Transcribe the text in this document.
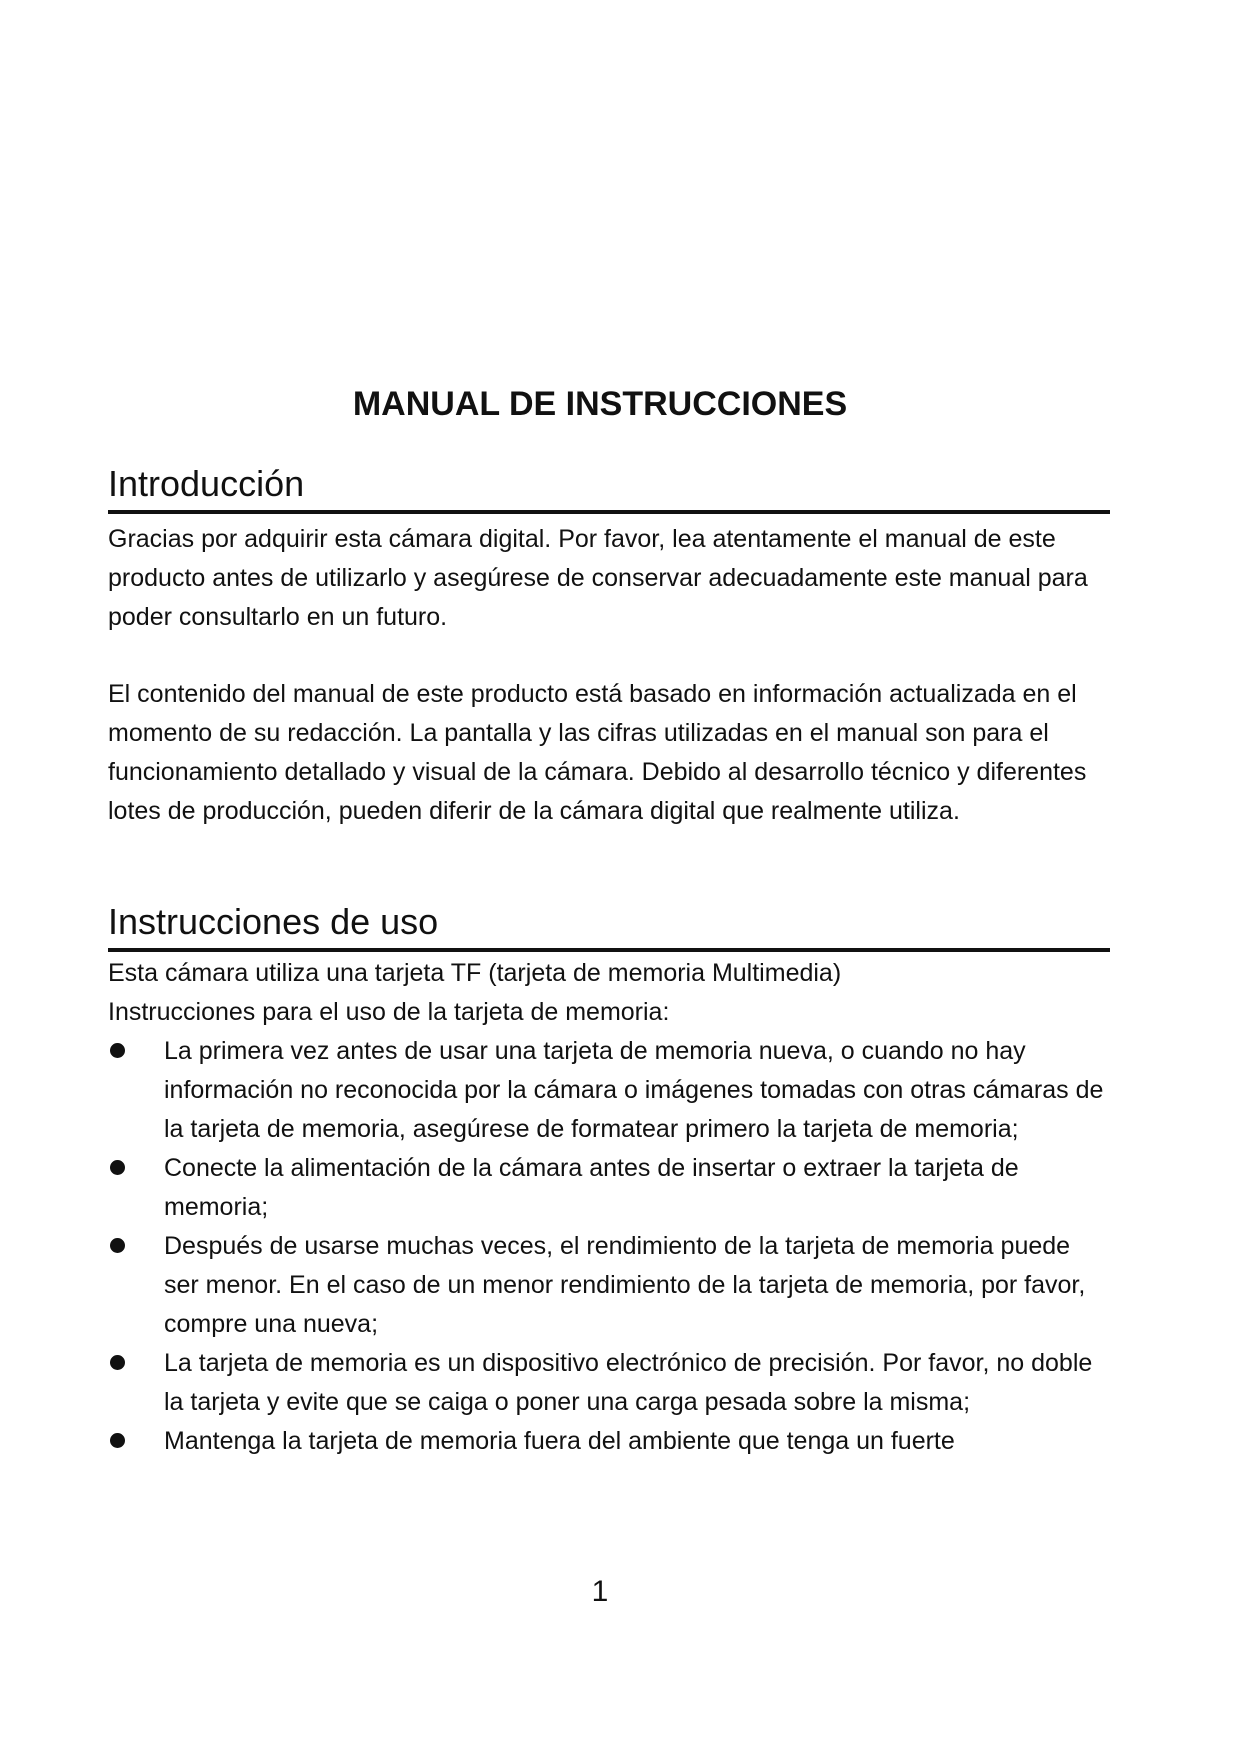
MANUAL DE INSTRUCCIONES
Introducción

Gracias por adquirir esta cámara digital. Por favor, lea atentamente el manual de este producto antes de utilizarlo y asegúrese de conservar adecuadamente este manual para poder consultarlo en un futuro.

El contenido del manual de este producto está basado en información actualizada en el momento de su redacción. La pantalla y las cifras utilizadas en el manual son para el funcionamiento detallado y visual de la cámara. Debido al desarrollo técnico y diferentes lotes de producción, pueden diferir de la cámara digital que realmente utiliza.

Instrucciones de uso

Esta cámara utiliza una tarjeta TF (tarjeta de memoria Multimedia)

Instrucciones para el uso de la tarjeta de memoria:

La primera vez antes de usar una tarjeta de memoria nueva, o cuando no hay información no reconocida por la cámara o imágenes tomadas con otras cámaras de la tarjeta de memoria, asegúrese de formatear primero la tarjeta de memoria;
Conecte la alimentación de la cámara antes de insertar o extraer la tarjeta de memoria;
Después de usarse muchas veces, el rendimiento de la tarjeta de memoria puede ser menor. En el caso de un menor rendimiento de la tarjeta de memoria, por favor, compre una nueva;
La tarjeta de memoria es un dispositivo electrónico de precisión. Por favor, no doble la tarjeta y evite que se caiga o poner una carga pesada sobre la misma;
Mantenga la tarjeta de memoria fuera del ambiente que tenga un fuerte

1
